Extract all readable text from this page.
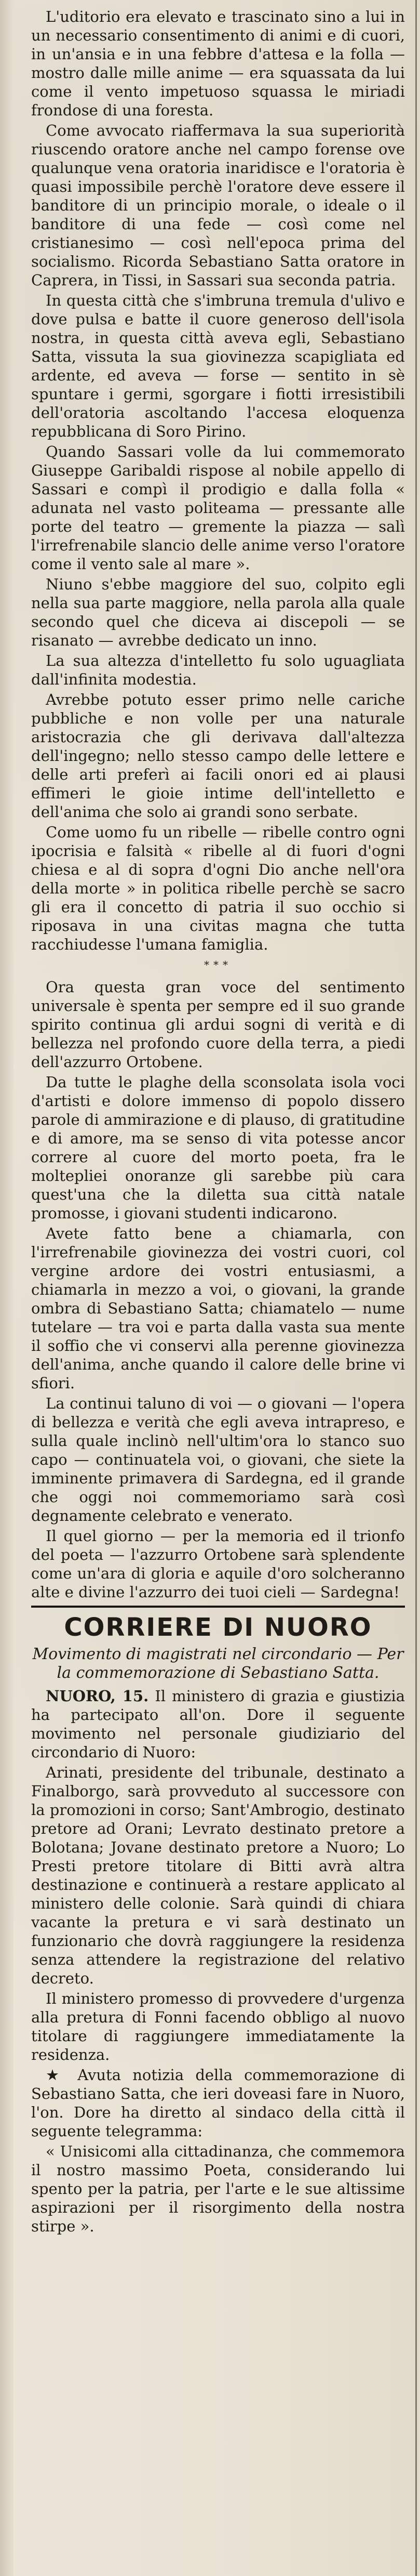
L'uditorio era elevato e trascinato sino a lui in un necessario consentimento di animi e di cuori, in un'ansia e in una febbre d'attesa e la folla — mostro dalle mille anime — era squassata da lui come il vento impetuoso squassa le miriadi frondose di una foresta.

Come avvocato riaffermava la sua superiorità riuscendo oratore anche nel campo forense ove qualunque vena oratoria inaridisce e l'oratoria è quasi impossibile perchè l'oratore deve essere il banditore di un principio morale, o ideale o il banditore di una fede — così come nel cristianesimo — così nell'epoca prima del socialismo. Ricorda Sebastiano Satta oratore in Caprera, in Tissi, in Sassari sua seconda patria.

In questa città che s'imbruna tremula d'ulivo e dove pulsa e batte il cuore generoso dell'isola nostra, in questa città aveva egli, Sebastiano Satta, vissuta la sua giovinezza scapigliata ed ardente, ed aveva — forse — sentito in sè spuntare i germi, sgorgare i fiotti irresistibili dell'oratoria ascoltando l'accesa eloquenza repubblicana di Soro Pirino.

Quando Sassari volle da lui commemorato Giuseppe Garibaldi rispose al nobile appello di Sassari e compì il prodigio e dalla folla « adunata nel vasto politeama — pressante alle porte del teatro — gremente la piazza — salì l'irrefrenabile slancio delle anime verso l'oratore come il vento sale al mare ».

Niuno s'ebbe maggiore del suo, colpito egli nella sua parte maggiore, nella parola alla quale secondo quel che diceva ai discepoli — se risanato — avrebbe dedicato un inno.

La sua altezza d'intelletto fu solo uguagliata dall'infinita modestia.

Avrebbe potuto esser primo nelle cariche pubbliche e non volle per una naturale aristocrazia che gli derivava dall'altezza dell'ingegno; nello stesso campo delle lettere e delle arti preferì ai facili onori ed ai plausi effimeri le gioie intime dell'intelletto e dell'anima che solo ai grandi sono serbate.

Come uomo fu un ribelle — ribelle contro ogni ipocrisia e falsità « ribelle al di fuori d'ogni chiesa e al di sopra d'ogni Dio anche nell'ora della morte » in politica ribelle perchè se sacro gli era il concetto di patria il suo occhio si riposava in una civitas magna che tutta racchiudesse l'umana famiglia.

***

Ora questa gran voce del sentimento universale è spenta per sempre ed il suo grande spirito continua gli ardui sogni di verità e di bellezza nel profondo cuore della terra, a piedi dell'azzurro Ortobene.

Da tutte le plaghe della sconsolata isola voci d'artisti e dolore immenso di popolo dissero parole di ammirazione e di plauso, di gratitudine e di amore, ma se senso di vita potesse ancor correre al cuore del morto poeta, fra le moltepliei onoranze gli sarebbe più cara quest'una che la diletta sua città natale promosse, i giovani studenti indicarono.

Avete fatto bene a chiamarla, con l'irrefrenabile giovinezza dei vostri cuori, col vergine ardore dei vostri entusiasmi, a chiamarla in mezzo a voi, o giovani, la grande ombra di Sebastiano Satta; chiamatelo — nume tutelare — tra voi e parta dalla vasta sua mente il soffio che vi conservi alla perenne giovinezza dell'anima, anche quando il calore delle brine vi sfiori.

La continui taluno di voi — o giovani — l'opera di bellezza e verità che egli aveva intrapreso, e sulla quale inclinò nell'ultim'ora lo stanco suo capo — continuatela voi, o giovani, che siete la imminente primavera di Sardegna, ed il grande che oggi noi commemoriamo sarà così degnamente celebrato e venerato.

Il quel giorno — per la memoria ed il trionfo del poeta — l'azzurro Ortobene sarà splendente come un'ara di gloria e aquile d'oro solcheranno alte e divine l'azzurro dei tuoi cieli — Sardegna!

CORRIERE DI NUORO
Movimento di magistrati nel circondario — Per la commemorazione di Sebastiano Satta.

NUORO, 15. Il ministero di grazia e giustizia ha partecipato all'on. Dore il seguente movimento nel personale giudiziario del circondario di Nuoro:

Arinati, presidente del tribunale, destinato a Finalborgo, sarà provveduto al successore con la promozioni in corso; Sant'Ambrogio, destinato pretore ad Orani; Levrato destinato pretore a Bolotana; Jovane destinato pretore a Nuoro; Lo Presti pretore titolare di Bitti avrà altra destinazione e continuerà a restare applicato al ministero delle colonie. Sarà quindi di chiara vacante la pretura e vi sarà destinato un funzionario che dovrà raggiungere la residenza senza attendere la registrazione del relativo decreto.

Il ministero promesso di provvedere d'urgenza alla pretura di Fonni facendo obbligo al nuovo titolare di raggiungere immediatamente la residenza.

★ Avuta notizia della commemorazione di Sebastiano Satta, che ieri doveasi fare in Nuoro, l'on. Dore ha diretto al sindaco della città il seguente telegramma:

« Unisicomi alla cittadinanza, che commemora il nostro massimo Poeta, considerando lui spento per la patria, per l'arte e le sue altissime aspirazioni per il risorgimento della nostra stirpe ».
